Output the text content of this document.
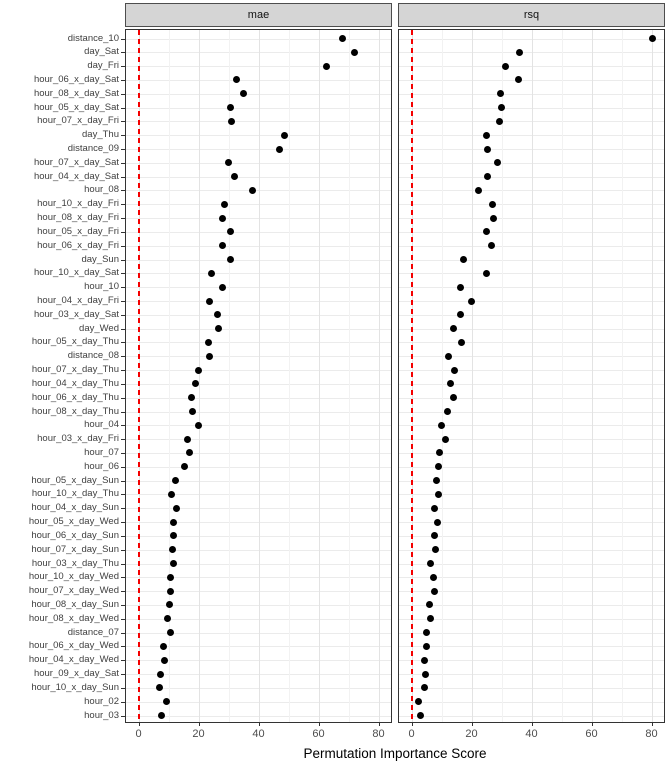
mae	rsq
distance_10
day_Sat
day_Fri
hour_06_x_day_Sat
hour_08_x_day_Sat
hour_05_x_day_Sat
hour_07_x_day_Fri
day_Thu
distance_09
hour_07_x_day_Sat
hour_04_x_day_Sat
hour_08
hour_10_x_day_Fri
hour_08_x_day_Fri
hour_05_x_day_Fri
hour_06_x_day_Fri
day_Sun
hour_10_x_day_Sat
hour_10
hour_04_x_day_Fri
hour_03_x_day_Sat
day_Wed
hour_05_x_day_Thu
distance_08
hour_07_x_day_Thu
hour_04_x_day_Thu
hour_06_x_day_Thu
hour_08_x_day_Thu
hour_04
hour_03_x_day_Fri
hour_07
hour_06
hour_05_x_day_Sun
hour_10_x_day_Thu
hour_04_x_day_Sun
hour_05_x_day_Wed
hour_06_x_day_Sun
hour_07_x_day_Sun
hour_03_x_day_Thu
hour_10_x_day_Wed
hour_07_x_day_Wed
hour_08_x_day_Sun
hour_08_x_day_Wed
distance_07
hour_06_x_day_Wed
hour_04_x_day_Wed
hour_09_x_day_Sat
hour_10_x_day_Sun
hour_02
hour_03
0	20	40	60	80	0	20	40	60	80
Permutation Importance Score
